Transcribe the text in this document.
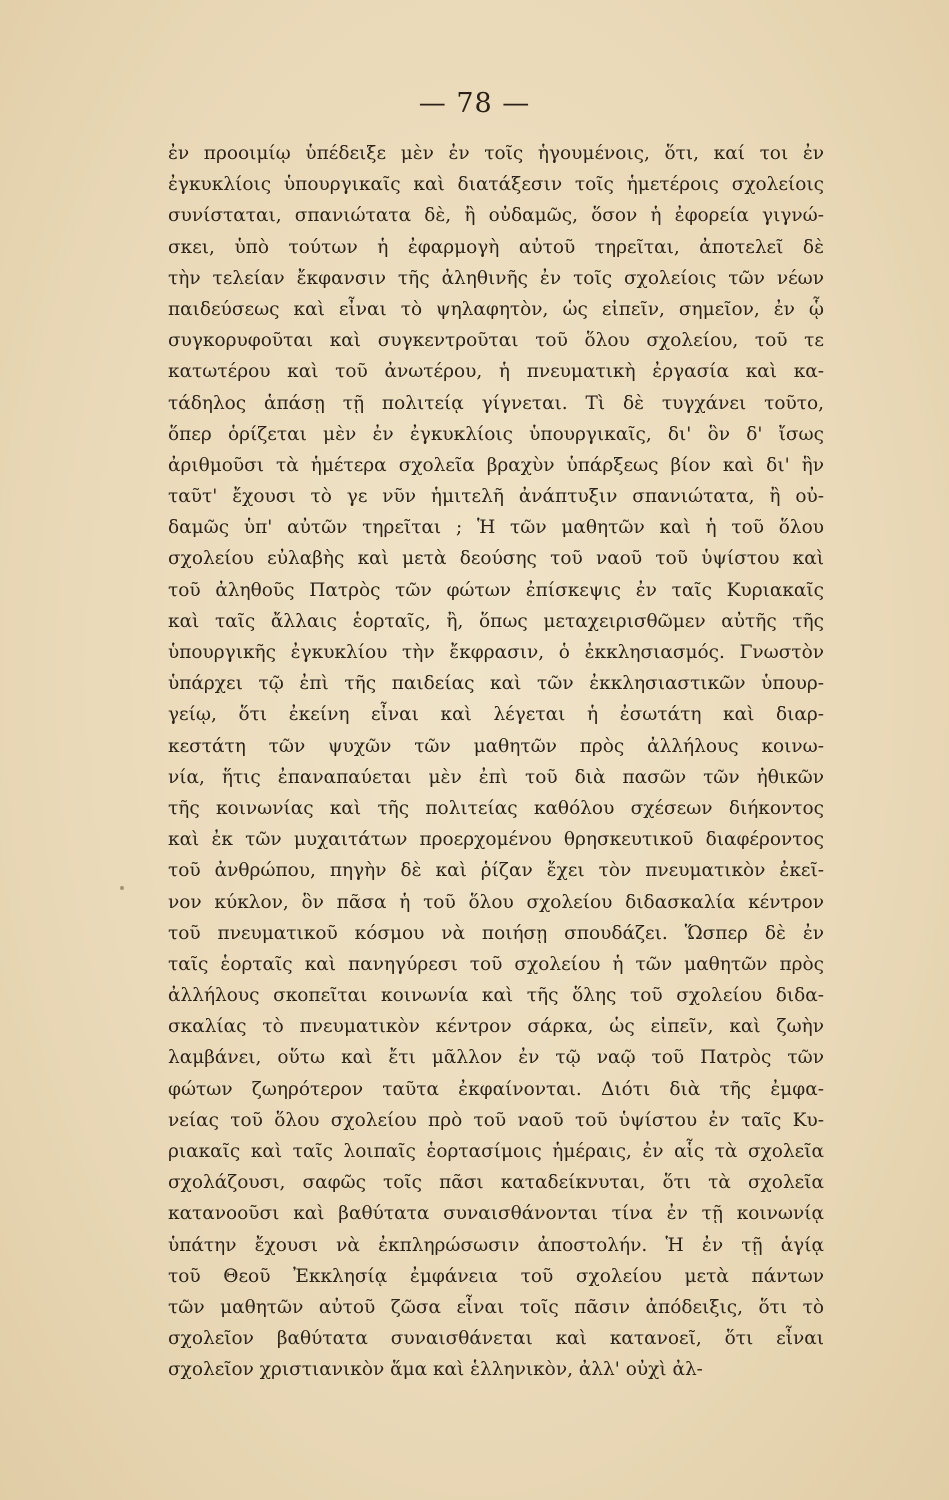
— 78 —
ἐν προοιμίῳ ὑπέδειξε μὲν ἐν τοῖς ἡγουμένοις, ὅτι, καί τοι ἐν
ἐγκυκλίοις ὑπουργικαῖς καὶ διατάξεσιν τοῖς ἡμετέροις σχολείοις
συνίσταται, σπανιώτατα δὲ, ἢ οὐδαμῶς, ὅσον ἡ ἐφορεία γιγνώ-
σκει, ὑπὸ τούτων ἡ ἐφαρμογὴ αὐτοῦ τηρεῖται, ἀποτελεῖ δὲ
τὴν τελείαν ἔκφανσιν τῆς ἀληθινῆς ἐν τοῖς σχολείοις τῶν νέων
παιδεύσεως καὶ εἶναι τὸ ψηλαφητὸν, ὡς εἰπεῖν, σημεῖον, ἐν ᾧ
συγκορυφοῦται καὶ συγκεντροῦται τοῦ ὅλου σχολείου, τοῦ τε
κατωτέρου καὶ τοῦ ἀνωτέρου, ἡ πνευματικὴ ἐργασία καὶ κα-
τάδηλος ἁπάσῃ τῇ πολιτείᾳ γίγνεται. Τὶ δὲ τυγχάνει τοῦτο,
ὅπερ ὁρίζεται μὲν ἐν ἐγκυκλίοις ὑπουργικαῖς, δι' ὃν δ' ἴσως
ἀριθμοῦσι τὰ ἡμέτερα σχολεῖα βραχὺν ὑπάρξεως βίον καὶ δι' ἣν
ταῦτ' ἔχουσι τὸ γε νῦν ἡμιτελῆ ἀνάπτυξιν σπανιώτατα, ἢ οὐ-
δαμῶς ὑπ' αὐτῶν τηρεῖται ; Ἡ τῶν μαθητῶν καὶ ἡ τοῦ ὅλου
σχολείου εὐλαβὴς καὶ μετὰ δεούσης τοῦ ναοῦ τοῦ ὑψίστου καὶ
τοῦ ἀληθοῦς Πατρὸς τῶν φώτων ἐπίσκεψις ἐν ταῖς Κυριακαῖς
καὶ ταῖς ἄλλαις ἑορταῖς, ἢ, ὅπως μεταχειρισθῶμεν αὐτῆς τῆς
ὑπουργικῆς ἐγκυκλίου τὴν ἔκφρασιν, ὁ ἐκκλησιασμός. Γνωστὸν
ὑπάρχει τῷ ἐπὶ τῆς παιδείας καὶ τῶν ἐκκλησιαστικῶν ὑπουρ-
γείῳ, ὅτι ἐκείνη εἶναι καὶ λέγεται ἡ ἐσωτάτη καὶ διαρ-
κεστάτη τῶν ψυχῶν τῶν μαθητῶν πρὸς ἀλλήλους κοινω-
νία, ἥτις ἐπαναπαύεται μὲν ἐπὶ τοῦ διὰ πασῶν τῶν ἠθικῶν
τῆς κοινωνίας καὶ τῆς πολιτείας καθόλου σχέσεων διήκοντος
καὶ ἐκ τῶν μυχαιτάτων προερχομένου θρησκευτικοῦ διαφέροντος
τοῦ ἀνθρώπου, πηγὴν δὲ καὶ ῥίζαν ἔχει τὸν πνευματικὸν ἐκεῖ-
νον κύκλον, ὃν πᾶσα ἡ τοῦ ὅλου σχολείου διδασκαλία κέντρον
τοῦ πνευματικοῦ κόσμου νὰ ποιήσῃ σπουδάζει. Ὥσπερ δὲ ἐν
ταῖς ἑορταῖς καὶ πανηγύρεσι τοῦ σχολείου ἡ τῶν μαθητῶν πρὸς
ἀλλήλους σκοπεῖται κοινωνία καὶ τῆς ὅλης τοῦ σχολείου διδα-
σκαλίας τὸ πνευματικὸν κέντρον σάρκα, ὡς εἰπεῖν, καὶ ζωὴν
λαμβάνει, οὕτω καὶ ἔτι μᾶλλον ἐν τῷ ναῷ τοῦ Πατρὸς τῶν
φώτων ζωηρότερον ταῦτα ἐκφαίνονται. Διότι διὰ τῆς ἐμφα-
νείας τοῦ ὅλου σχολείου πρὸ τοῦ ναοῦ τοῦ ὑψίστου ἐν ταῖς Κυ-
ριακαῖς καὶ ταῖς λοιπαῖς ἑορτασίμοις ἡμέραις, ἐν αἷς τὰ σχολεῖα
σχολάζουσι, σαφῶς τοῖς πᾶσι καταδείκνυται, ὅτι τὰ σχολεῖα
κατανοοῦσι καὶ βαθύτατα συναισθάνονται τίνα ἐν τῇ κοινωνίᾳ
ὑπάτην ἔχουσι νὰ ἐκπληρώσωσιν ἀποστολήν. Ἡ ἐν τῇ ἁγίᾳ
τοῦ Θεοῦ Ἐκκλησίᾳ ἐμφάνεια τοῦ σχολείου μετὰ πάντων
τῶν μαθητῶν αὐτοῦ ζῶσα εἶναι τοῖς πᾶσιν ἀπόδειξις, ὅτι τὸ
σχολεῖον βαθύτατα συναισθάνεται καὶ κατανοεῖ, ὅτι εἶναι
σχολεῖον χριστιανικὸν ἅμα καὶ ἑλληνικὸν, ἀλλ' οὐχὶ ἀλ-
